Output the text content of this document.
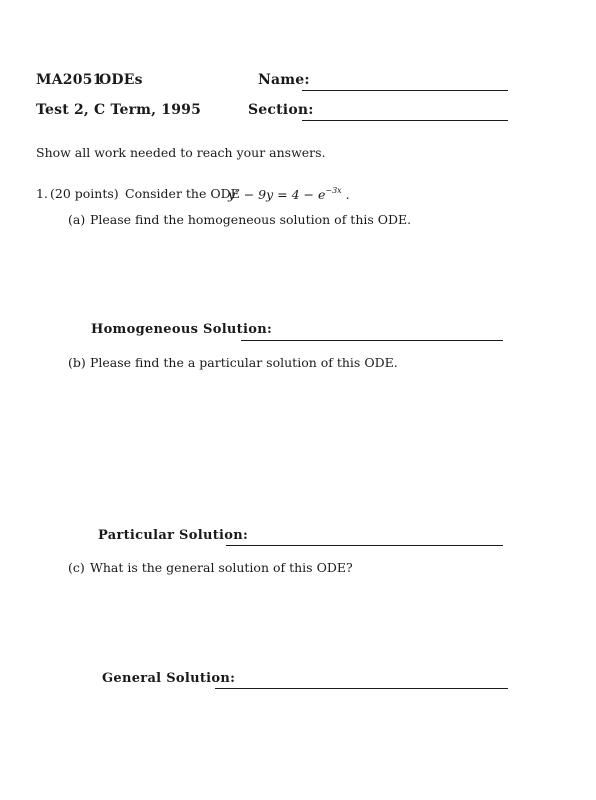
MA2051
ODEs	Name:
Test 2, C Term, 1995	Section:
Show all work needed to reach your answers.
1. (20 points) Consider the ODE
$y'' - 9y = 4 - e^{-3x}$ .
(a) Please find the homogeneous solution of this ODE.
Homogeneous Solution:
(b) Please find the a particular solution of this ODE.
Particular Solution:
(c) What is the general solution of this ODE?
General Solution:
